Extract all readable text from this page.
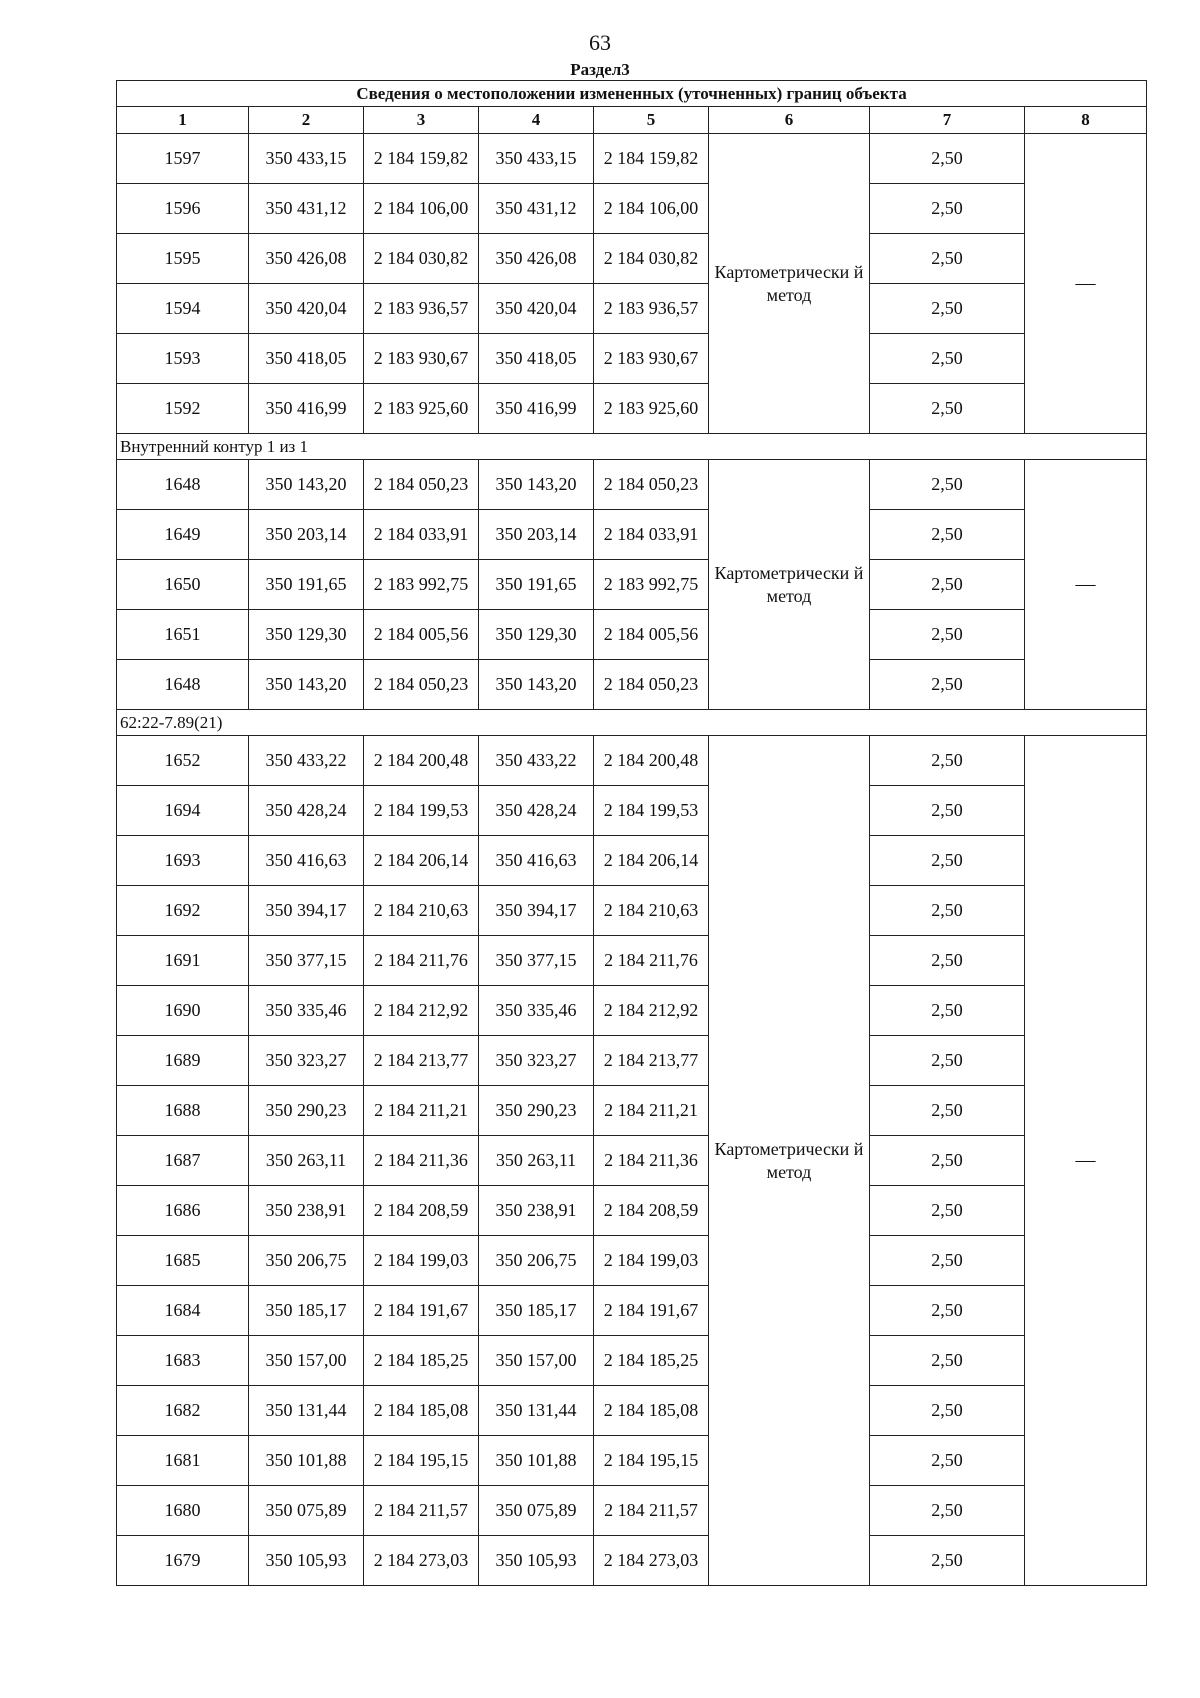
63
Раздел3
Сведения о местоположении измененных (уточненных) границ объекта							
1	2	3	4	5	6	7	8
1597	350 433,15	2 184 159,82	350 433,15	2 184 159,82	Картометрически й метод	2,50	—
1596	350 431,12	2 184 106,00	350 431,12	2 184 106,00		2,50	
1595	350 426,08	2 184 030,82	350 426,08	2 184 030,82		2,50	
1594	350 420,04	2 183 936,57	350 420,04	2 183 936,57		2,50	
1593	350 418,05	2 183 930,67	350 418,05	2 183 930,67		2,50	
1592	350 416,99	2 183 925,60	350 416,99	2 183 925,60		2,50	
Внутренний контур 1 из 1							
1648	350 143,20	2 184 050,23	350 143,20	2 184 050,23	Картометрически й метод	2,50	—
1649	350 203,14	2 184 033,91	350 203,14	2 184 033,91		2,50	
1650	350 191,65	2 183 992,75	350 191,65	2 183 992,75		2,50	
1651	350 129,30	2 184 005,56	350 129,30	2 184 005,56		2,50	
1648	350 143,20	2 184 050,23	350 143,20	2 184 050,23		2,50	
62:22-7.89(21)							
1652	350 433,22	2 184 200,48	350 433,22	2 184 200,48	Картометрически й метод	2,50	—
1694	350 428,24	2 184 199,53	350 428,24	2 184 199,53		2,50	
1693	350 416,63	2 184 206,14	350 416,63	2 184 206,14		2,50	
1692	350 394,17	2 184 210,63	350 394,17	2 184 210,63		2,50	
1691	350 377,15	2 184 211,76	350 377,15	2 184 211,76		2,50	
1690	350 335,46	2 184 212,92	350 335,46	2 184 212,92		2,50	
1689	350 323,27	2 184 213,77	350 323,27	2 184 213,77		2,50	
1688	350 290,23	2 184 211,21	350 290,23	2 184 211,21		2,50	
1687	350 263,11	2 184 211,36	350 263,11	2 184 211,36		2,50	
1686	350 238,91	2 184 208,59	350 238,91	2 184 208,59		2,50	
1685	350 206,75	2 184 199,03	350 206,75	2 184 199,03		2,50	
1684	350 185,17	2 184 191,67	350 185,17	2 184 191,67		2,50	
1683	350 157,00	2 184 185,25	350 157,00	2 184 185,25		2,50	
1682	350 131,44	2 184 185,08	350 131,44	2 184 185,08		2,50	
1681	350 101,88	2 184 195,15	350 101,88	2 184 195,15		2,50	
1680	350 075,89	2 184 211,57	350 075,89	2 184 211,57		2,50	
1679	350 105,93	2 184 273,03	350 105,93	2 184 273,03		2,50	
